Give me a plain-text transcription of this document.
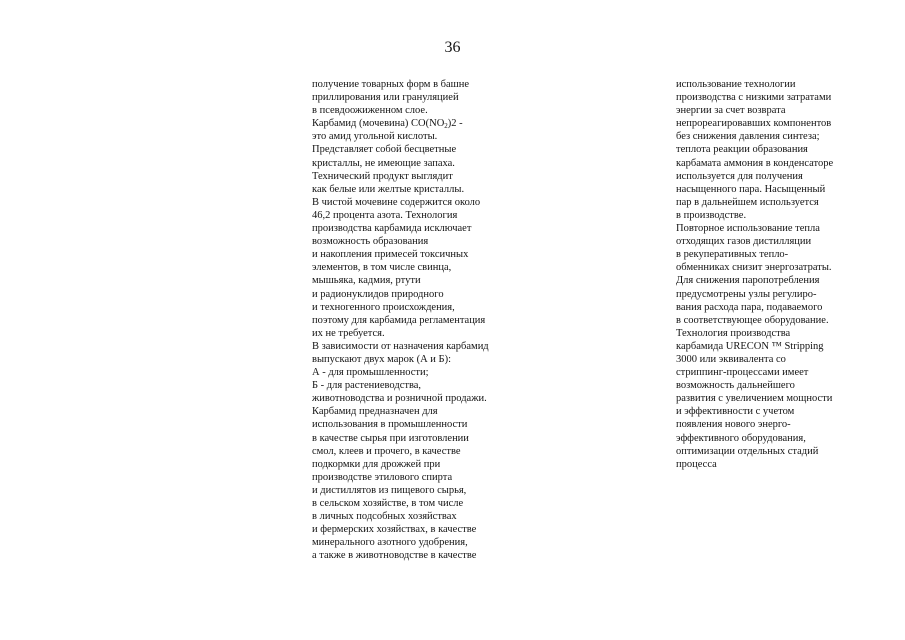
36
получение товарных форм в башне
приллирования или грануляцией
в псевдоожиженном слое.
Карбамид (мочевина) $CO(NO_2)2$ -
это амид угольной кислоты.
Представляет собой бесцветные
кристаллы, не имеющие запаха.
Технический продукт выглядит
как белые или желтые кристаллы.
В чистой мочевине содержится около
46,2 процента азота. Технология
производства карбамида исключает
возможность образования
и накопления примесей токсичных
элементов, в том числе свинца,
мышьяка, кадмия, ртути
и радионуклидов природного
и техногенного происхождения,
поэтому для карбамида регламентация
их не требуется.
В зависимости от назначения карбамид
выпускают двух марок (А и Б):
А - для промышленности;
Б - для растениеводства,
животноводства и розничной продажи.
Карбамид предназначен для
использования в промышленности
в качестве сырья при изготовлении
смол, клеев и прочего, в качестве
подкормки для дрожжей при
производстве этилового спирта
и дистиллятов из пищевого сырья,
в сельском хозяйстве, в том числе
в личных подсобных хозяйствах
и фермерских хозяйствах, в качестве
минерального азотного удобрения,
а также в животноводстве в качестве
использование технологии
производства с низкими затратами
энергии за счет возврата
непрореагировавших компонентов
без снижения давления синтеза;
теплота реакции образования
карбамата аммония в конденсаторе
используется для получения
насыщенного пара. Насыщенный
пар в дальнейшем используется
в производстве.
Повторное использование тепла
отходящих газов дистилляции
в рекуперативных тепло-
обменниках снизит энергозатраты.
Для снижения паропотребления
предусмотрены узлы регулиро-
вания расхода пара, подаваемого
в соответствующее оборудование.
Технология производства
карбамида URECON ™ Stripping
3000 или эквивалента со
стриппинг-процессами имеет
возможность дальнейшего
развития с увеличением мощности
и эффективности с учетом
появления нового энерго-
эффективного оборудования,
оптимизации отдельных стадий
процесса
